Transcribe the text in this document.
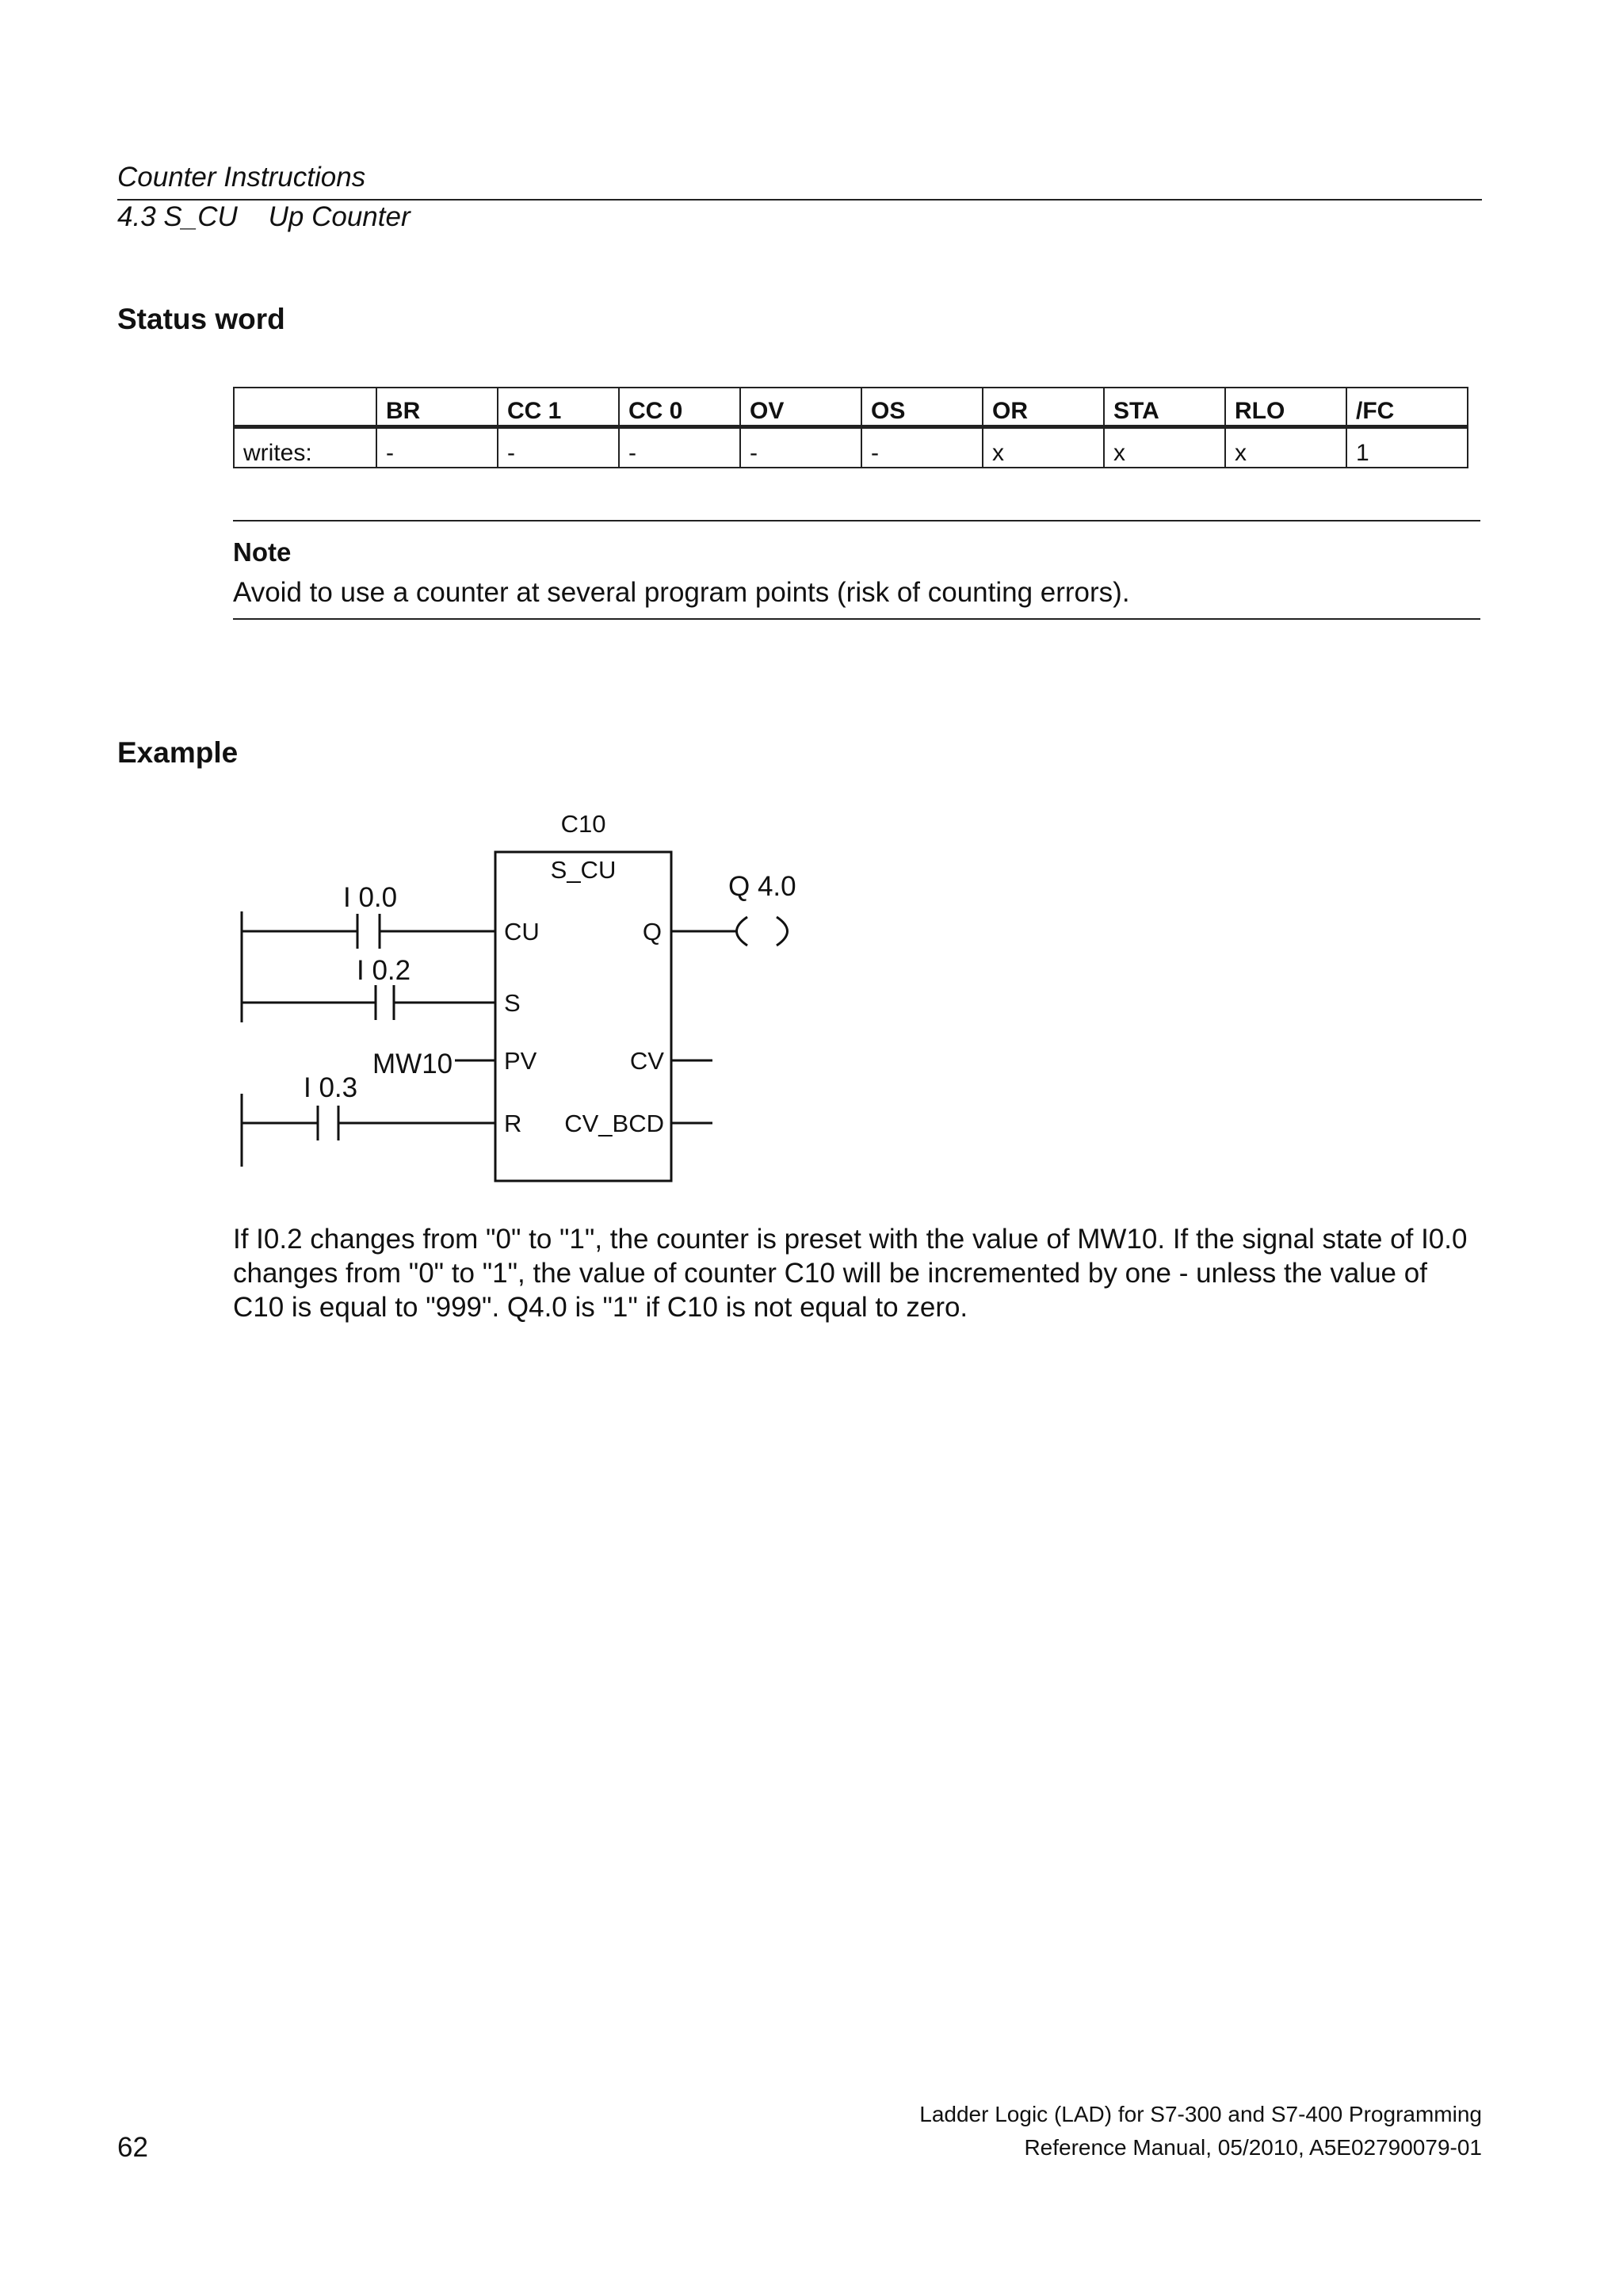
Counter Instructions
4.3 S_CU    Up Counter
Status word
	BR	CC 1	CC 0	OV	OS	OR	STA	RLO	/FC
writes:	-	-	-	-	-	x	x	x	1
Note
Avoid to use a counter at several program points (risk of counting errors).
Example
C10
S_CU
I 0.0
I 0.2
I 0.3
MW10
Q 4.0
CU
S
PV
R
Q
CV
CV_BCD
If I0.2 changes from "0" to "1", the counter is preset with the value of MW10. If the signal state of I0.0 changes from "0" to "1", the value of counter C10 will be incremented by one - unless the value of C10 is equal to "999". Q4.0 is "1" if C10 is not equal to zero.
62
Ladder Logic (LAD) for S7-300 and S7-400 Programming
Reference Manual, 05/2010, A5E02790079-01
